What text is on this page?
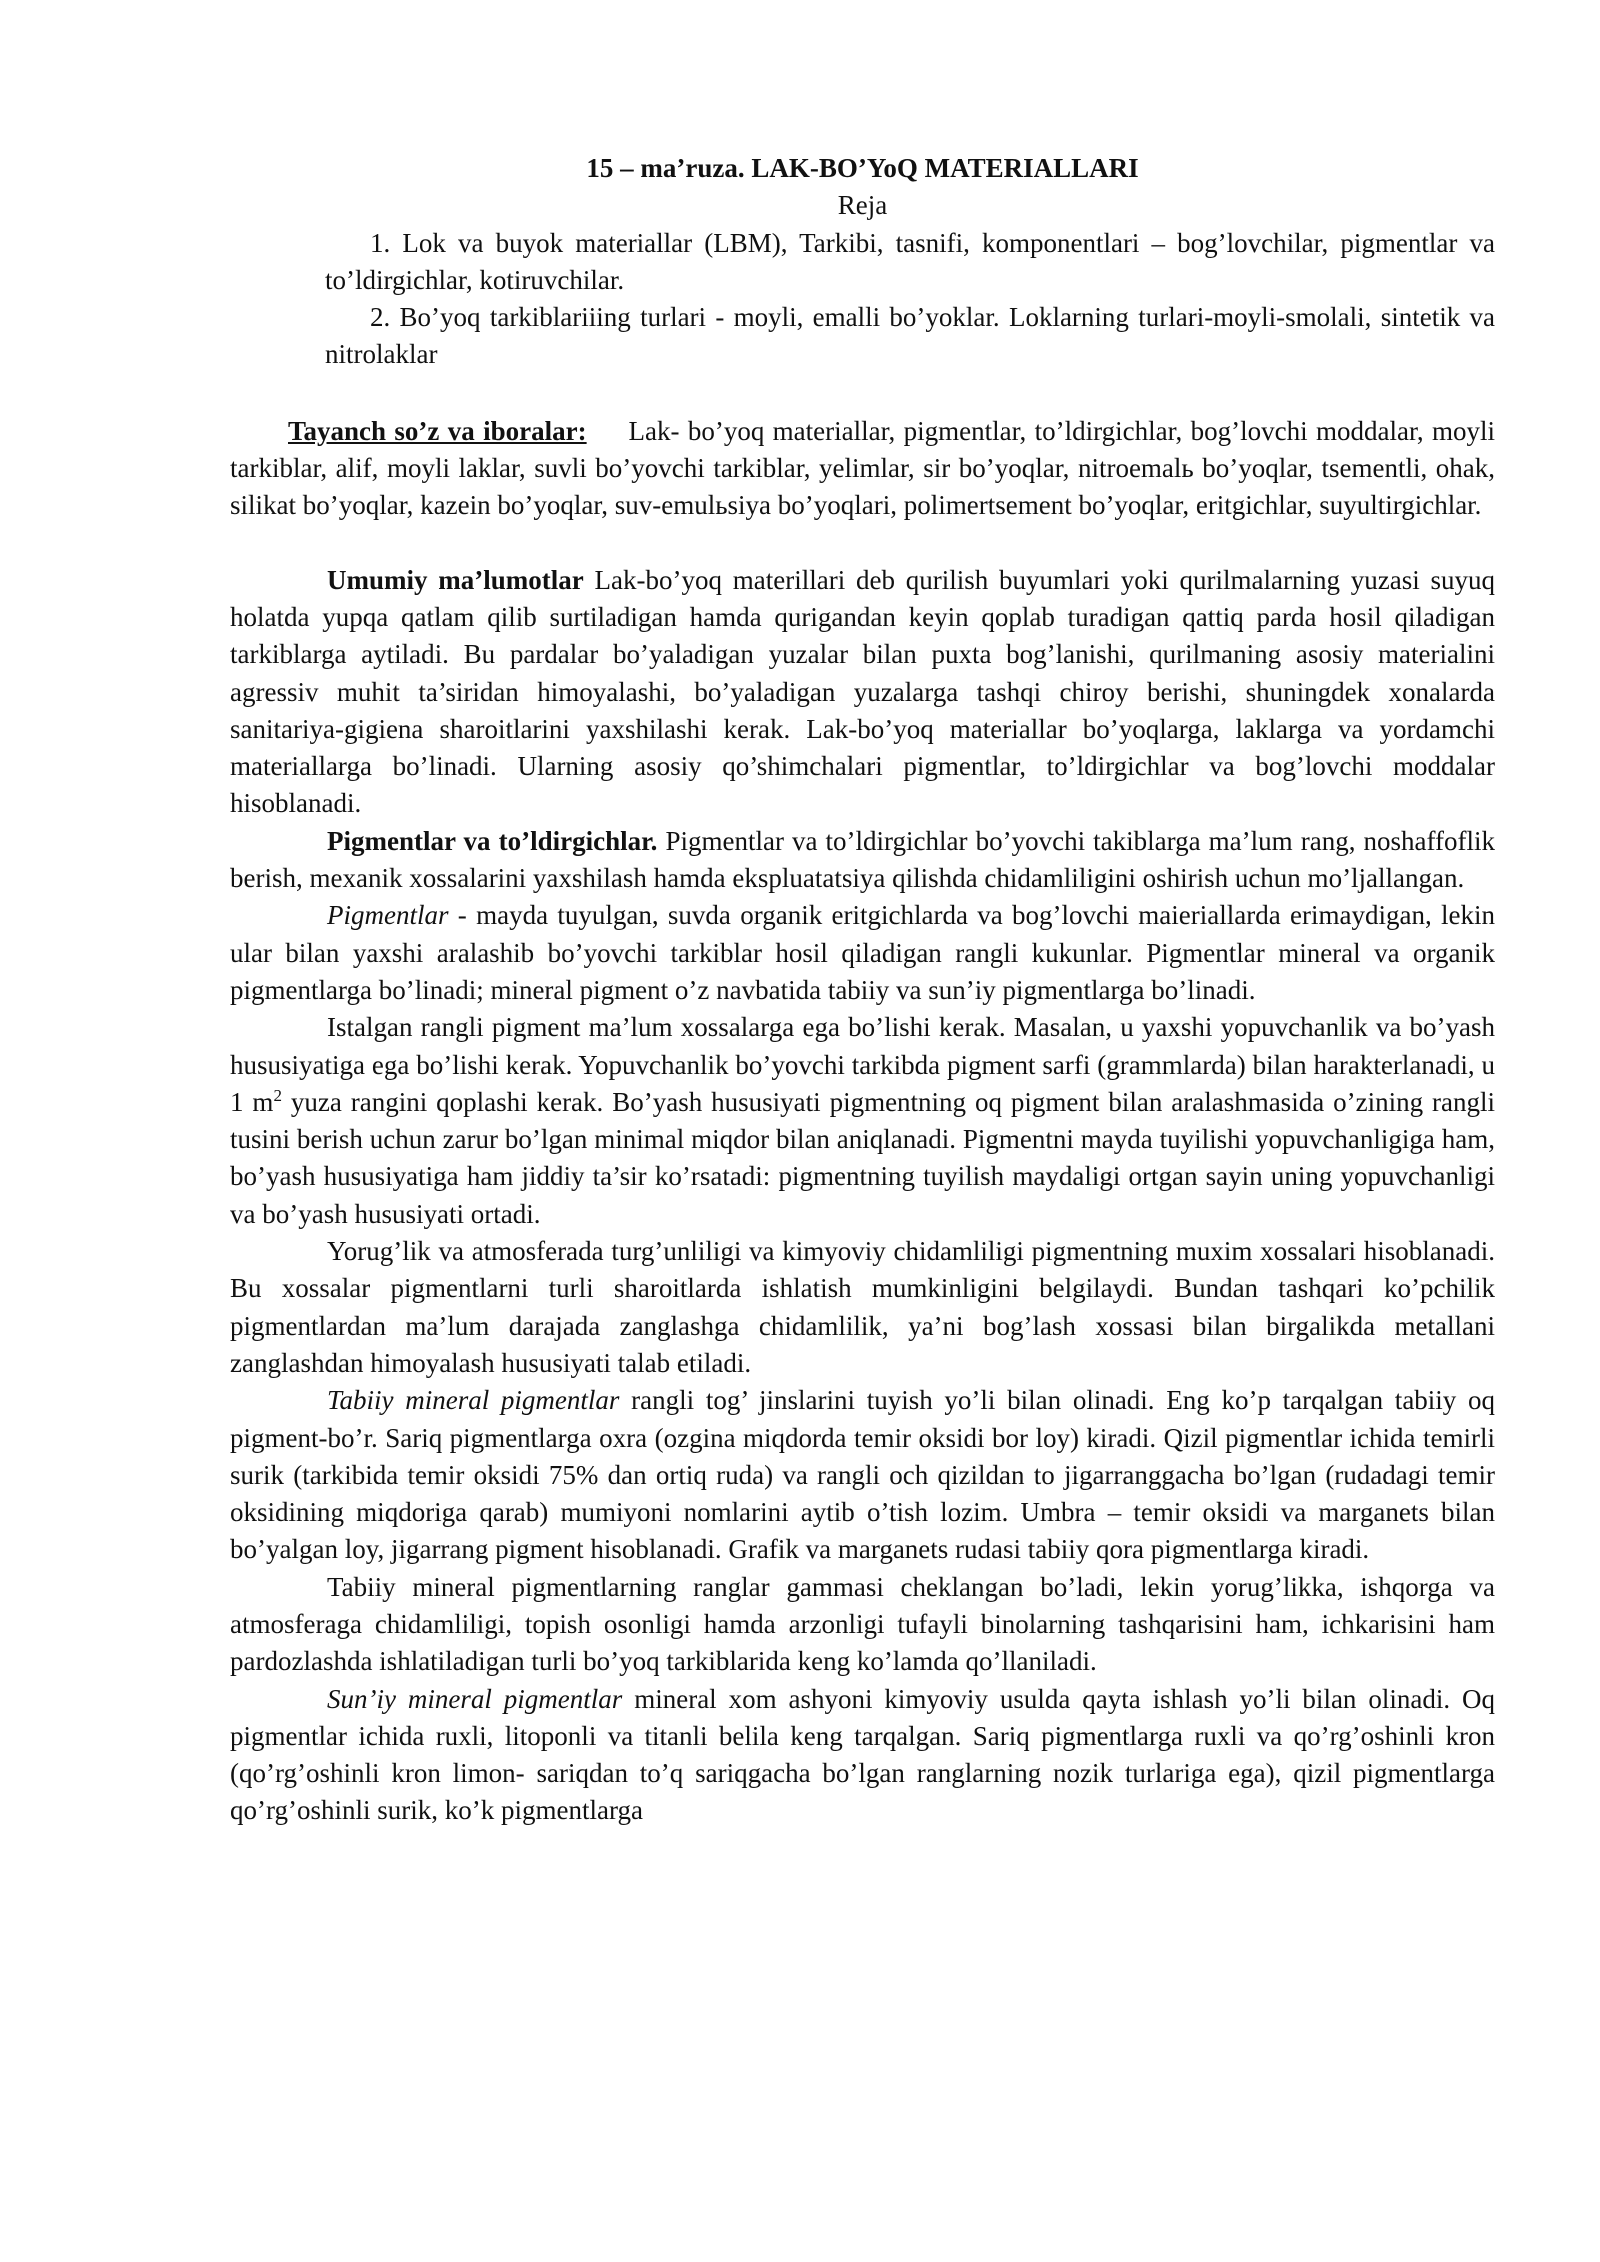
15 – ma’ruza. LAK-BO’YoQ MATERIALLARI
Reja

1. Lok va buyok materiallar (LBM), Tarkibi, tasnifi, komponentlari – bog’lovchilar, pigmentlar va to’ldirgichlar, kotiruvchilar.

2. Bo’yoq tarkiblariiing turlari - moyli, emalli bo’yoklar. Loklarning turlari-moyli-smolali, sintetik va nitrolaklar

Tayanch so’z va iboralar: Lak- bo’yoq materiallar, pigmentlar, to’ldirgichlar, bog’lovchi moddalar, moyli tarkiblar, alif, moyli laklar, suvli bo’yovchi tarkiblar, yelimlar, sir bo’yoqlar, nitroemalь bo’yoqlar, tsementli, ohak, silikat bo’yoqlar, kazein bo’yoqlar, suv-emulьsiya bo’yoqlari, polimertsement bo’yoqlar, eritgichlar, suyultirgichlar.

Umumiy ma’lumotlar Lak-bo’yoq materillari deb qurilish buyumlari yoki qurilmalarning yuzasi suyuq holatda yupqa qatlam qilib surtiladigan hamda qurigandan keyin qoplab turadigan qattiq parda hosil qiladigan tarkiblarga aytiladi. Bu pardalar bo’yaladigan yuzalar bilan puxta bog’lanishi, qurilmaning asosiy materialini agressiv muhit ta’siridan himoyalashi, bo’yaladigan yuzalarga tashqi chiroy berishi, shuningdek xonalarda sanitariya-gigiena sharoitlarini yaxshilashi kerak. Lak-bo’yoq materiallar bo’yoqlarga, laklarga va yordamchi materiallarga bo’linadi. Ularning asosiy qo’shimchalari pigmentlar, to’ldirgichlar va bog’lovchi moddalar hisoblanadi.

Pigmentlar va to’ldirgichlar. Pigmentlar va to’ldirgichlar bo’yovchi takiblarga ma’lum rang, noshaffoflik berish, mexanik xossalarini yaxshilash hamda ekspluatatsiya qilishda chidamliligini oshirish uchun mo’ljallangan.

Pigmentlar - mayda tuyulgan, suvda organik eritgichlarda va bog’lovchi maieriallarda erimaydigan, lekin ular bilan yaxshi aralashib bo’yovchi tarkiblar hosil qiladigan rangli kukunlar. Pigmentlar mineral va organik pigmentlarga bo’linadi; mineral pigment o’z navbatida tabiiy va sun’iy pigmentlarga bo’linadi.

Istalgan rangli pigment ma’lum xossalarga ega bo’lishi kerak. Masalan, u yaxshi yopuvchanlik va bo’yash hususiyatiga ega bo’lishi kerak. Yopuvchanlik bo’yovchi tarkibda pigment sarfi (grammlarda) bilan harakterlanadi, u 1 $m^2$ yuza rangini qoplashi kerak. Bo’yash hususiyati pigmentning oq pigment bilan aralashmasida o’zining rangli tusini berish uchun zarur bo’lgan minimal miqdor bilan aniqlanadi. Pigmentni mayda tuyilishi yopuvchanligiga ham, bo’yash hususiyatiga ham jiddiy ta’sir ko’rsatadi: pigmentning tuyilish maydaligi ortgan sayin uning yopuvchanligi va bo’yash hususiyati ortadi.

Yorug’lik va atmosferada turg’unliligi va kimyoviy chidamliligi pigmentning muxim xossalari hisoblanadi. Bu xossalar pigmentlarni turli sharoitlarda ishlatish mumkinligini belgilaydi. Bundan tashqari ko’pchilik pigmentlardan ma’lum darajada zanglashga chidamlilik, ya’ni bog’lash xossasi bilan birgalikda metallani zanglashdan himoyalash hususiyati talab etiladi.

Tabiiy mineral pigmentlar rangli tog’ jinslarini tuyish yo’li bilan olinadi. Eng ko’p tarqalgan tabiiy oq pigment-bo’r. Sariq pigmentlarga oxra (ozgina miqdorda temir oksidi bor loy) kiradi. Qizil pigmentlar ichida temirli surik (tarkibida temir oksidi 75% dan ortiq ruda) va rangli och qizildan to jigarranggacha bo’lgan (rudadagi temir oksidining miqdoriga qarab) mumiyoni nomlarini aytib o’tish lozim. Umbra – temir oksidi va marganets bilan bo’yalgan loy, jigarrang pigment hisoblanadi. Grafik va marganets rudasi tabiiy qora pigmentlarga kiradi.

Tabiiy mineral pigmentlarning ranglar gammasi cheklangan bo’ladi, lekin yorug’likka, ishqorga va atmosferaga chidamliligi, topish osonligi hamda arzonligi tufayli binolarning tashqarisini ham, ichkarisini ham pardozlashda ishlatiladigan turli bo’yoq tarkiblarida keng ko’lamda qo’llaniladi.

Sun’iy mineral pigmentlar mineral xom ashyoni kimyoviy usulda qayta ishlash yo’li bilan olinadi. Oq pigmentlar ichida ruxli, litoponli va titanli belila keng tarqalgan. Sariq pigmentlarga ruxli va qo’rg’oshinli kron (qo’rg’oshinli kron limon- sariqdan to’q sariqgacha bo’lgan ranglarning nozik turlariga ega), qizil pigmentlarga qo’rg’oshinli surik, ko’k pigmentlarga
